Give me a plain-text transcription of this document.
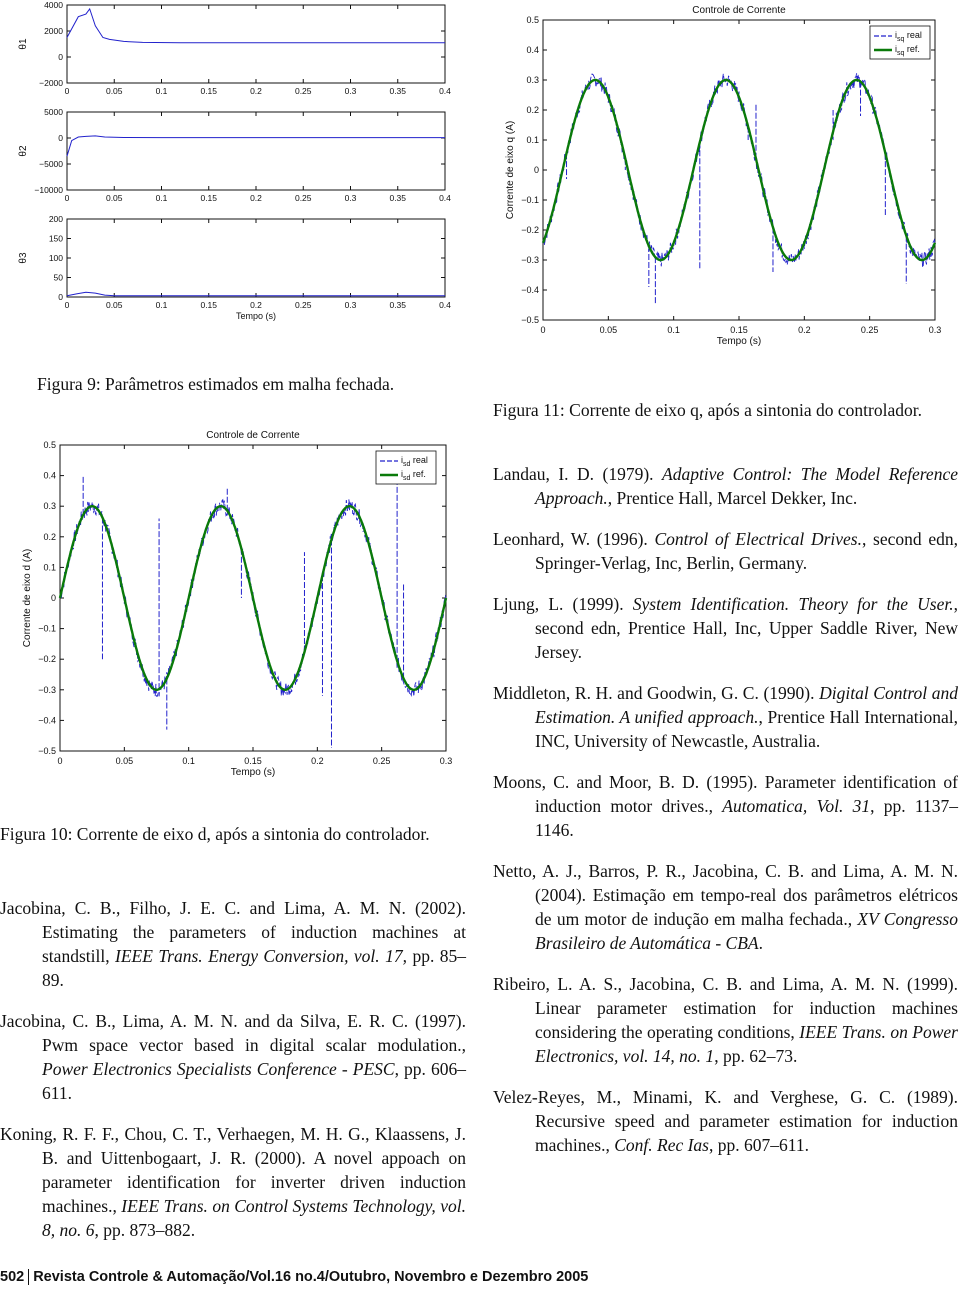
0	0.05	0.1	0.15	0.2	0.25	0.3	0.35	0.4
4000
2000
0
−2000
θ1
0	0.05	0.1	0.15	0.2	0.25	0.3	0.35	0.4
5000
0
−5000
−10000
θ2
0	0.05	0.1	0.15	0.2	0.25	0.3	0.35	0.4
200
150
100
50
0
θ3
Tempo (s)
0	0.05	0.1	0.15	0.2	0.25	0.3
0.5
0.4
0.3
0.2
0.1
0
−0.1
−0.2
−0.3
−0.4
−0.5
Controle de Corrente
Tempo (s)
Corrente de eixo q (A)
$i_{sq}$ real
$i_{sq}$ ref.
0	0.05	0.1	0.15	0.2	0.25	0.3
0.5
0.4
0.3
0.2
0.1
0
−0.1
−0.2
−0.3
−0.4
−0.5
Controle de Corrente
Tempo (s)
Corrente de eixo d (A)
$i_{sd}$ real
$i_{sd}$ ref.
Figura 9: Parâmetros estimados em malha fechada.
Figura 11: Corrente de eixo q, após a sintonia do controlador.
Figura 10: Corrente de eixo d, após a sintonia do controlador.
Jacobina, C. B., Filho, J. E. C. and Lima, A. M. N. (2002). Estimating the parameters of induction machines at standstill, IEEE Trans. Energy Conversion, vol. 17, pp. 85–89.
Jacobina, C. B., Lima, A. M. N. and da Silva, E. R. C. (1997). Pwm space vector based in digital scalar modulation., Power Electronics Specialists Conference - PESC, pp. 606–611.
Koning, R. F. F., Chou, C. T., Verhaegen, M. H. G., Klaassens, J. B. and Uittenbogaart, J. R. (2000). A novel appoach on parameter identification for inverter driven induction machines., IEEE Trans. on Control Systems Technology, vol. 8, no. 6, pp. 873–882.
Landau, I. D. (1979). Adaptive Control: The Model Reference Approach., Prentice Hall, Marcel Dekker, Inc.
Leonhard, W. (1996). Control of Electrical Drives., second edn, Springer-Verlag, Inc, Berlin, Germany.
Ljung, L. (1999). System Identification. Theory for the User., second edn, Prentice Hall, Inc, Upper Saddle River, New Jersey.
Middleton, R. H. and Goodwin, G. C. (1990). Digital Control and Estimation. A unified approach., Prentice Hall International, INC, University of Newcastle, Australia.
Moons, C. and Moor, B. D. (1995). Parameter identification of induction motor drives., Automatica, Vol. 31, pp. 1137–1146.
Netto, A. J., Barros, P. R., Jacobina, C. B. and Lima, A. M. N. (2004). Estimação em tempo-real dos parâmetros elétricos de um motor de indução em malha fechada., XV Congresso Brasileiro de Automática - CBA.
Ribeiro, L. A. S., Jacobina, C. B. and Lima, A. M. N. (1999). Linear parameter estimation for induction machines considering the operating conditions, IEEE Trans. on Power Electronics, vol. 14, no. 1, pp. 62–73.
Velez-Reyes, M., Minami, K. and Verghese, G. C. (1989). Recursive speed and parameter estimation for induction machines., Conf. Rec Ias, pp. 607–611.
502 Revista Controle & Automação/Vol.16 no.4/Outubro, Novembro e Dezembro 2005
